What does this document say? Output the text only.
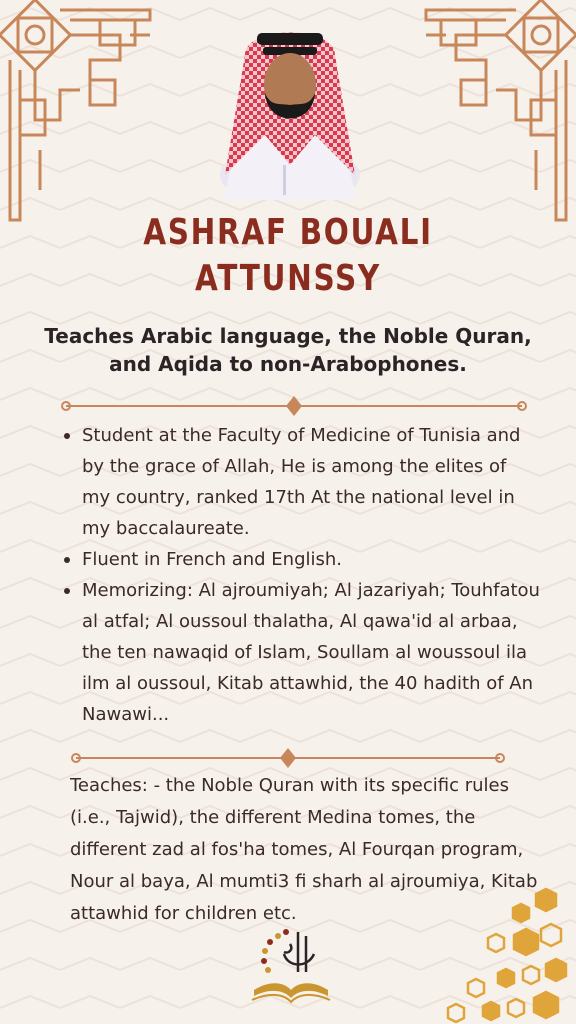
ASHRAF BOUALI
ATTUNSSY
Teaches Arabic language, the Noble Quran, and Aqida to non-Arabophones.
Student at the Faculty of Medicine of Tunisia and by the grace of Allah, He is among the elites of my country, ranked 17th At the national level in my baccalaureate.
Fluent in French and English.
Memorizing: Al ajroumiyah; Al jazariyah; Touhfatou al atfal; Al oussoul thalatha, Al qawa'id al arbaa, the ten nawaqid of Islam, Soullam al woussoul ila ilm al oussoul, Kitab attawhid, the 40 hadith of An Nawawi...
Teaches: - the Noble Quran with its specific rules (i.e., Tajwid), the different Medina tomes, the different zad al fos'ha tomes, Al Fourqan program, Nour al baya, Al mumti3 fi sharh al ajroumiya, Kitab attawhid for children etc.
